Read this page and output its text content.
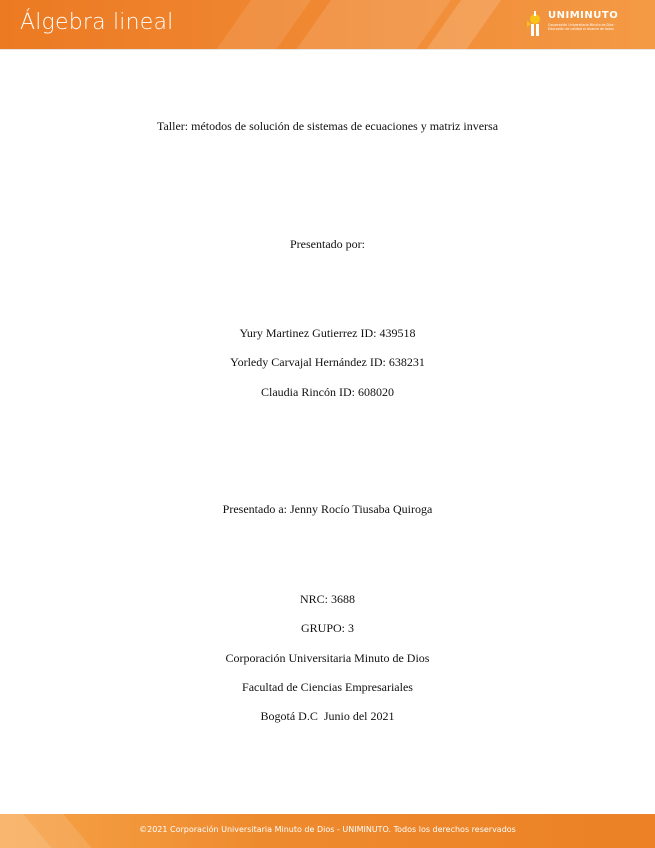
Álgebra lineal	UNIMINUTO
Corporación Universitaria Minuto de Dios · Educación de calidad al alcance de todos
Taller: métodos de solución de sistemas de ecuaciones y matriz inversa
Presentado por:
Yury Martinez Gutierrez ID: 439518
Yorledy Carvajal Hernández ID: 638231
Claudia Rincón ID: 608020
Presentado a: Jenny Rocío Tiusaba Quiroga
NRC: 3688
GRUPO: 3
Corporación Universitaria Minuto de Dios
Facultad de Ciencias Empresariales
Bogotá D.C  Junio del 2021
©2021 Corporación Universitaria Minuto de Dios - UNIMINUTO. Todos los derechos reservados
